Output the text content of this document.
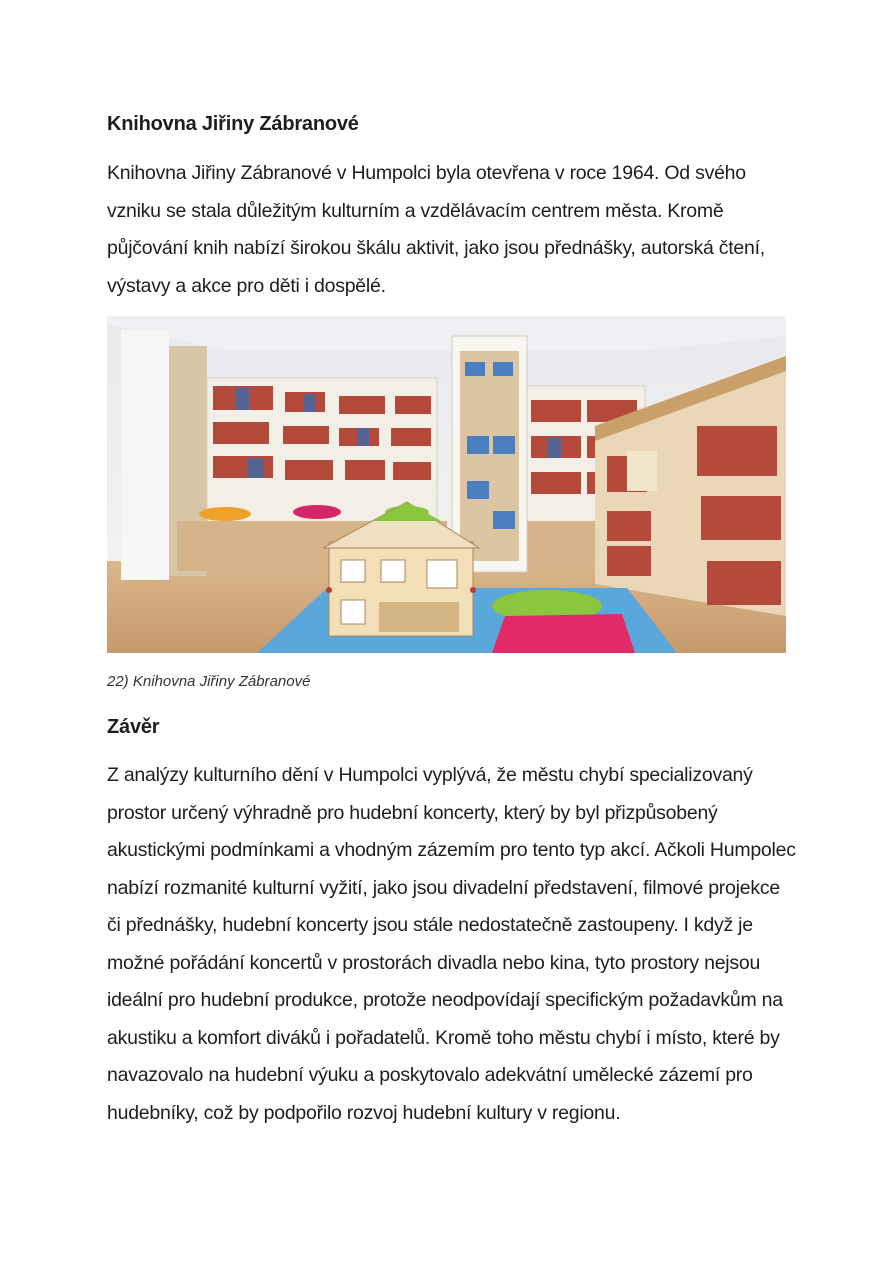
Knihovna Jiřiny Zábranové

Knihovna Jiřiny Zábranové v Humpolci byla otevřena v roce 1964. Od svého vzniku se stala důležitým kulturním a vzdělávacím centrem města. Kromě půjčování knih nabízí širokou škálu aktivit, jako jsou přednášky, autorská čtení, výstavy a akce pro děti i dospělé.

22) Knihovna Jiřiny Zábranové
Závěr

Z analýzy kulturního dění v Humpolci vyplývá, že městu chybí specializovaný prostor určený výhradně pro hudební koncerty, který by byl přizpůsobený akustickými podmínkami a vhodným zázemím pro tento typ akcí. Ačkoli Humpolec nabízí rozmanité kulturní vyžití, jako jsou divadelní představení, filmové projekce či přednášky, hudební koncerty jsou stále nedostatečně zastoupeny. I když je možné pořádání koncertů v prostorách divadla nebo kina, tyto prostory nejsou ideální pro hudební produkce, protože neodpovídají specifickým požadavkům na akustiku a komfort diváků i pořadatelů. Kromě toho městu chybí i místo, které by navazovalo na hudební výuku a poskytovalo adekvátní umělecké zázemí pro hudebníky, což by podpořilo rozvoj hudební kultury v regionu.
